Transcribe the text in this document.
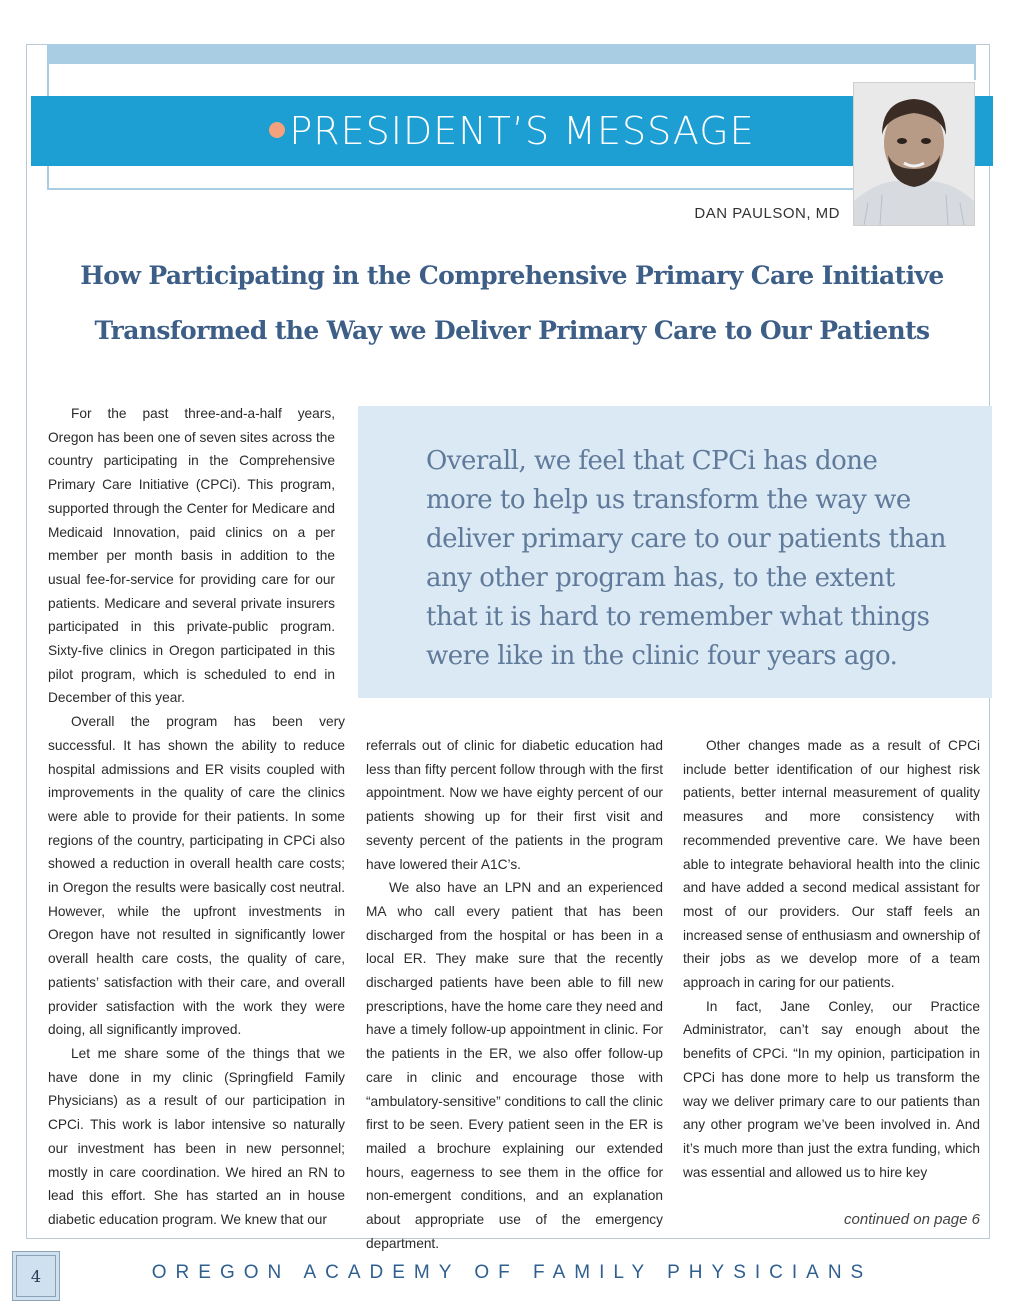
PRESIDENT’S MESSAGE
DAN PAULSON, MD
How Participating in the Comprehensive Primary Care Initiative
Transformed the Way we Deliver Primary Care to Our Patients
Overall, we feel that CPCi has done more to help us transform the way we deliver primary care to our patients than any other program has, to the extent that it is hard to remember what things were like in the clinic four years ago.

For the past three-and-a-half years, Oregon has been one of seven sites across the country participating in the Comprehensive Primary Care Initiative (CPCi). This program, supported through the Center for Medicare and Medicaid Innovation, paid clinics on a per member per month basis in addition to the usual fee-for-service for providing care for our patients. Medicare and several private insurers participated in this private-public program. Sixty-five clinics in Oregon participated in this pilot program, which is scheduled to end in December of this year.

Overall the program has been very successful. It has shown the ability to reduce hospital admissions and ER visits coupled with improvements in the quality of care the clinics were able to provide for their patients. In some regions of the country, participating in CPCi also showed a reduction in overall health care costs; in Oregon the results were basically cost neutral. However, while the upfront investments in Oregon have not resulted in significantly lower overall health care costs, the quality of care, patients’ satisfaction with their care, and overall provider satisfaction with the work they were doing, all significantly improved.

Let me share some of the things that we have done in my clinic (Springfield Family Physicians) as a result of our participation in CPCi. This work is labor intensive so naturally our investment has been in new personnel; mostly in care coordination. We hired an RN to lead this effort. She has started an in house diabetic education program. We knew that our

referrals out of clinic for diabetic education had less than fifty percent follow through with the first appointment. Now we have eighty percent of our patients showing up for their first visit and seventy percent of the patients in the program have lowered their A1C’s.

We also have an LPN and an experienced MA who call every patient that has been discharged from the hospital or has been in a local ER. They make sure that the recently discharged patients have been able to fill new prescriptions, have the home care they need and have a timely follow-up appointment in clinic. For the patients in the ER, we also offer follow-up care in clinic and encourage those with “ambulatory-sensitive” conditions to call the clinic first to be seen. Every patient seen in the ER is mailed a brochure explaining our extended hours, eagerness to see them in the office for non-emergent conditions, and an explanation about appropriate use of the emergency department.

Other changes made as a result of CPCi include better identification of our highest risk patients, better internal measurement of quality measures and more consistency with recommended preventive care. We have been able to integrate behavioral health into the clinic and have added a second medical assistant for most of our providers. Our staff feels an increased sense of enthusiasm and ownership of their jobs as we develop more of a team approach in caring for our patients.

In fact, Jane Conley, our Practice Administrator, can’t say enough about the benefits of CPCi. “In my opinion, participation in CPCi has done more to help us transform the way we deliver primary care to our patients than any other program we’ve been involved in. And it’s much more than just the extra funding, which was essential and allowed us to hire key

continued on page 6
4	OREGON ACADEMY OF FAMILY PHYSICIANS
